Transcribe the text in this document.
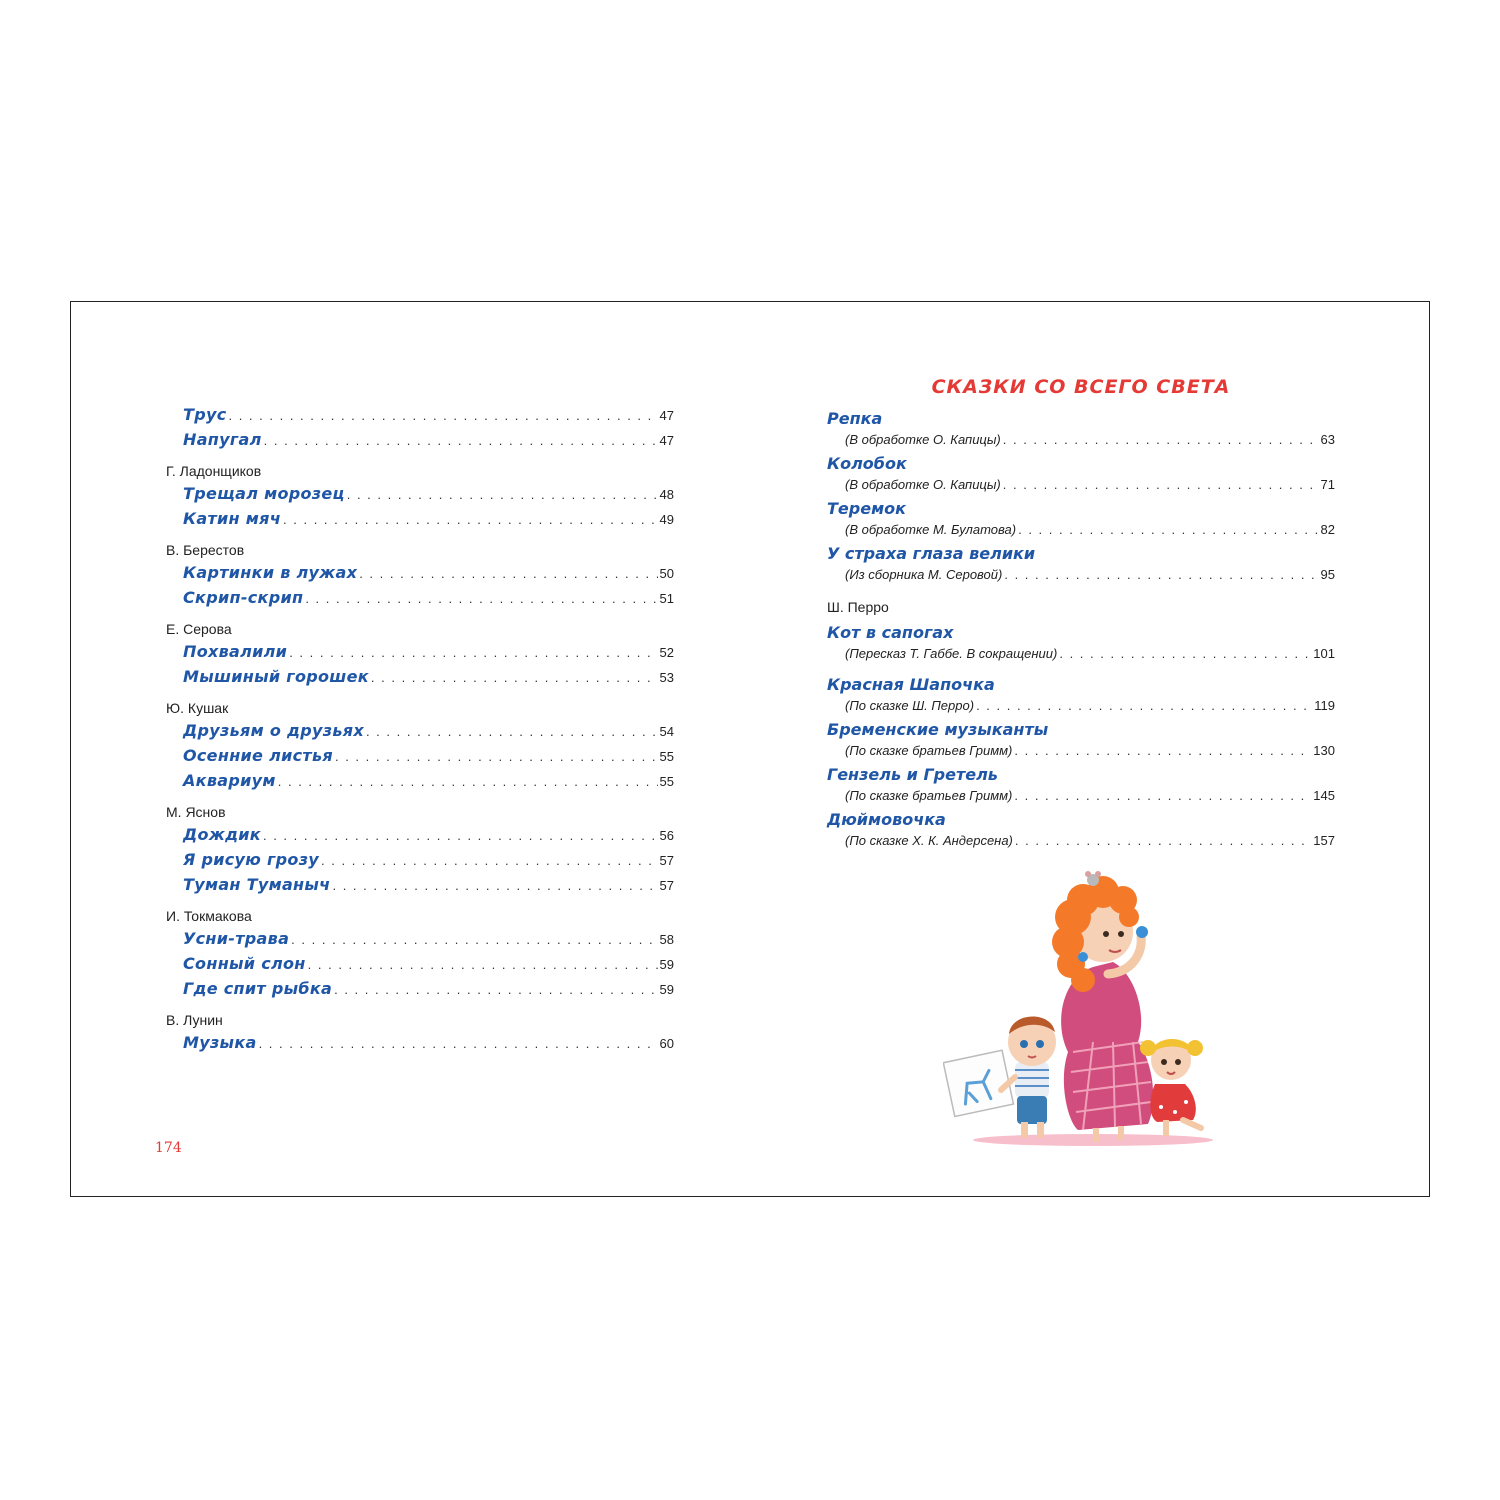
Трус . . .	47
Напугал . . .	47
Г. Ладонщиков
Трещал морозец . . .	48
Катин мяч . . .	49
В. Берестов
Картинки в лужах . . .	50
Скрип-скрип . . .	51
Е. Серова
Похвалили . . .	52
Мышиный горошек . . .	53
Ю. Кушак
Друзьям о друзьях . . .	54
Осенние листья . . .	55
Аквариум . . .	55
М. Яснов
Дождик . . .	56
Я рисую грозу . . .	57
Туман Туманыч . . .	57
И. Токмакова
Усни-трава . . .	58
Сонный слон . . .	59
Где спит рыбка . . .	59
В. Лунин
Музыка . . .	60
174
СКАЗКИ СО ВСЕГО СВЕТА
Репка
(В обработке О. Капицы) . . .	63
Колобок
(В обработке О. Капицы) . . .	71
Теремок
(В обработке М. Булатова) . . .	82
У страха глаза велики
(Из сборника М. Серовой) . . .	95
Ш. Перро
Кот в сапогах
(Пересказ Т. Габбе. В сокращении) . . .	101
Красная Шапочка
(По сказке Ш. Перро) . . .	119
Бременские музыканты
(По сказке братьев Гримм) . . .	130
Гензель и Гретель
(По сказке братьев Гримм) . . .	145
Дюймовочка
(По сказке Х. К. Андерсена) . . .	157
